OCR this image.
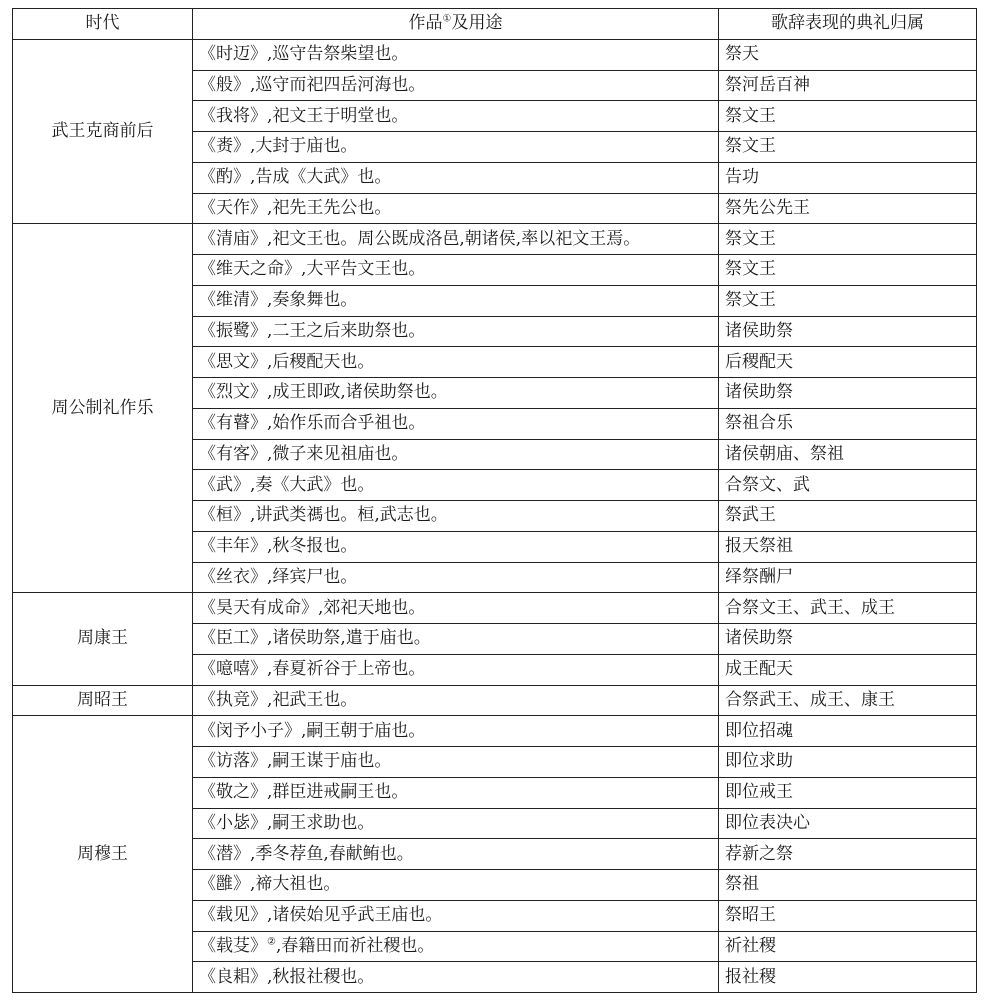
时代	作品①及用途	歌辞表现的典礼归属
武王克商前后	《时迈》,巡守告祭柴望也。	祭天
	《般》,巡守而祀四岳河海也。	祭河岳百神
	《我将》,祀文王于明堂也。	祭文王
	《赉》,大封于庙也。	祭文王
	《酌》,告成《大武》也。	告功
	《天作》,祀先王先公也。	祭先公先王
周公制礼作乐	《清庙》,祀文王也。周公既成洛邑,朝诸侯,率以祀文王焉。	祭文王
	《维天之命》,大平告文王也。	祭文王
	《维清》,奏象舞也。	祭文王
	《振鹭》,二王之后来助祭也。	诸侯助祭
	《思文》,后稷配天也。	后稷配天
	《烈文》,成王即政,诸侯助祭也。	诸侯助祭
	《有瞽》,始作乐而合乎祖也。	祭祖合乐
	《有客》,微子来见祖庙也。	诸侯朝庙、祭祖
	《武》,奏《大武》也。	合祭文、武
	《桓》,讲武类禡也。桓,武志也。	祭武王
	《丰年》,秋冬报也。	报天祭祖
	《丝衣》,绎宾尸也。	绎祭酬尸
周康王	《昊天有成命》,郊祀天地也。	合祭文王、武王、成王
	《臣工》,诸侯助祭,遣于庙也。	诸侯助祭
	《噫嘻》,春夏祈谷于上帝也。	成王配天
周昭王	《执竞》,祀武王也。	合祭武王、成王、康王
周穆王	《闵予小子》,嗣王朝于庙也。	即位招魂
	《访落》,嗣王谋于庙也。	即位求助
	《敬之》,群臣进戒嗣王也。	即位戒王
	《小毖》,嗣王求助也。	即位表决心
	《潜》,季冬荐鱼,春献鲔也。	荐新之祭
	《雝》,禘大祖也。	祭祖
	《载见》,诸侯始见乎武王庙也。	祭昭王
	《载芟》②,春籍田而祈社稷也。	祈社稷
	《良耜》,秋报社稷也。	报社稷
